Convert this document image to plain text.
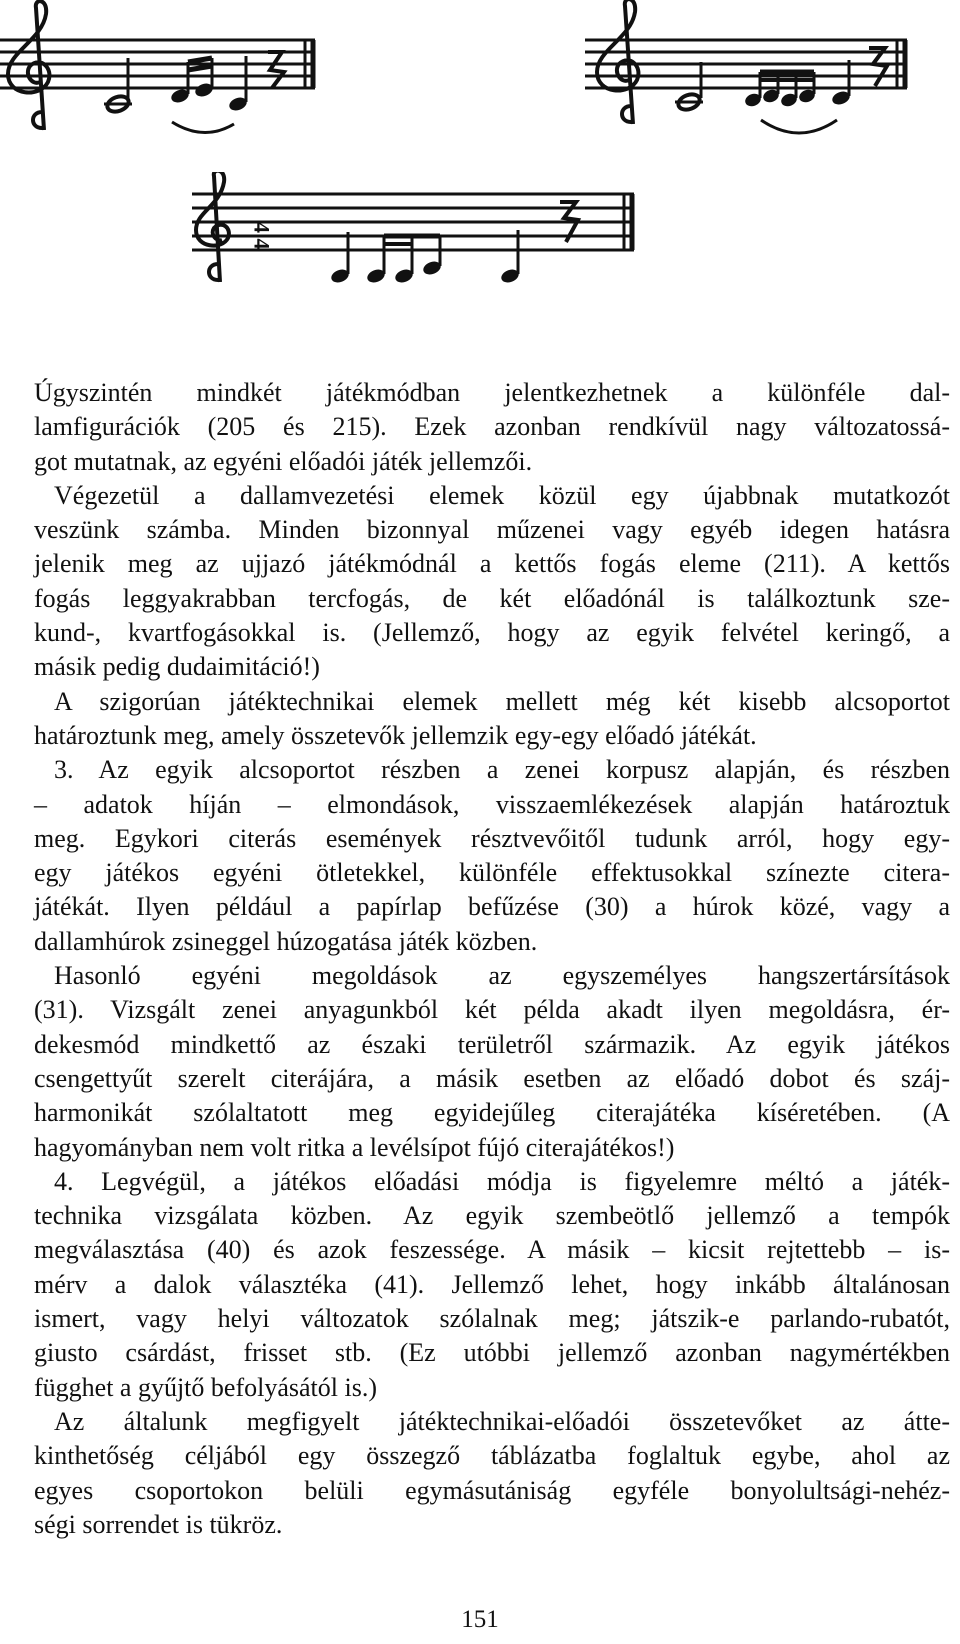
4 4

Úgyszintén mindkét játékmódban jelentkezhetnek a különféle dal-

lamfigurációk (205 és 215). Ezek azonban rendkívül nagy változatossá-

got mutatnak, az egyéni előadói játék jellemzői.

Végezetül a dallamvezetési elemek közül egy újabbnak mutatkozót

veszünk számba. Minden bizonnyal műzenei vagy egyéb idegen hatásra

jelenik meg az ujjazó játékmódnál a kettős fogás eleme (211). A kettős

fogás leggyakrabban tercfogás, de két előadónál is találkoztunk sze-

kund-, kvartfogásokkal is. (Jellemző, hogy az egyik felvétel keringő, a

másik pedig dudaimitáció!)

A szigorúan játéktechnikai elemek mellett még két kisebb alcsoportot

határoztunk meg, amely összetevők jellemzik egy-egy előadó játékát.

3. Az egyik alcsoportot részben a zenei korpusz alapján, és részben

– adatok híján – elmondások, visszaemlékezések alapján határoztuk

meg. Egykori citerás események résztvevőitől tudunk arról, hogy egy-

egy játékos egyéni ötletekkel, különféle effektusokkal színezte citera-

játékát. Ilyen például a papírlap befűzése (30) a húrok közé, vagy a

dallamhúrok zsineggel húzogatása játék közben.

Hasonló egyéni megoldások az egyszemélyes hangszertársítások

(31). Vizsgált zenei anyagunkból két példa akadt ilyen megoldásra, ér-

dekesmód mindkettő az északi területről származik. Az egyik játékos

csengettyűt szerelt citerájára, a másik esetben az előadó dobot és száj-

harmonikát szólaltatott meg egyidejűleg citerajátéka kíséretében. (A

hagyományban nem volt ritka a levélsípot fújó citerajátékos!)

4. Legvégül, a játékos előadási módja is figyelemre méltó a játék-

technika vizsgálata közben. Az egyik szembeötlő jellemző a tempók

megválasztása (40) és azok feszessége. A másik – kicsit rejtettebb – is-

mérv a dalok választéka (41). Jellemző lehet, hogy inkább általánosan

ismert, vagy helyi változatok szólalnak meg; játszik-e parlando-rubatót,

giusto csárdást, frisset stb. (Ez utóbbi jellemző azonban nagymértékben

függhet a gyűjtő befolyásától is.)

Az általunk megfigyelt játéktechnikai-előadói összetevőket az átte-

kinthetőség céljából egy összegző táblázatba foglaltuk egybe, ahol az

egyes csoportokon belüli egymásutániság egyféle bonyolultsági-nehéz-

ségi sorrendet is tükröz.

151
